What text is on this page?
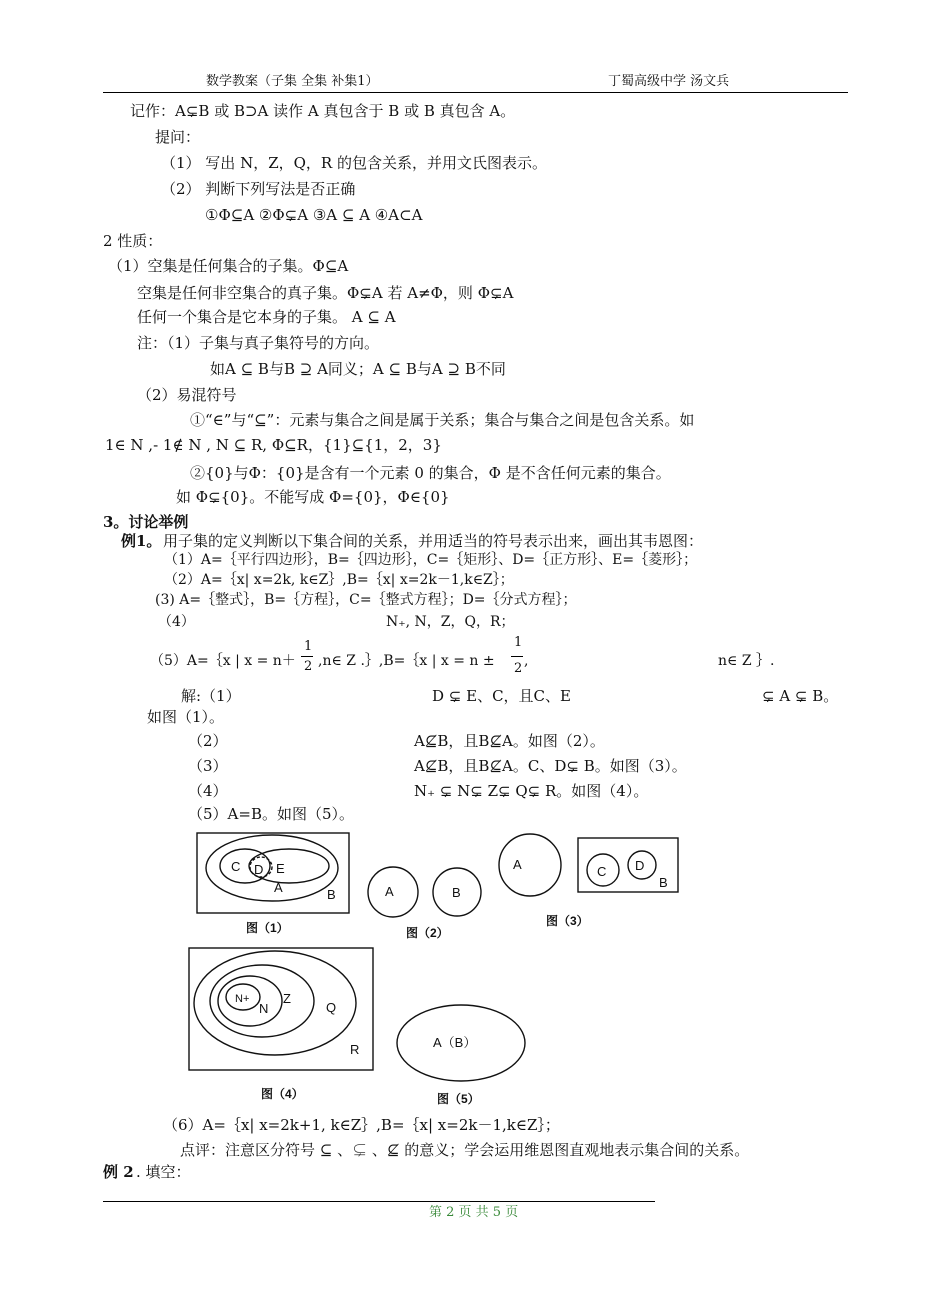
数学教案（子集 全集 补集1）	丁蜀高级中学 汤文兵
记作：A⊊B 或 B⊃A 读作 A 真包含于 B 或 B 真包含 A。
提问：
（1） 写出 N，Z，Q，R 的包含关系，并用文氏图表示。
（2） 判断下列写法是否正确
①Φ⊆A ②Φ⊊A ③A ⊆ A ④A⊂A
2 性质：
（1）空集是任何集合的子集。Φ⊆A
空集是任何非空集合的真子集。Φ⊊A 若 A≠Φ，则 Φ⊊A
任何一个集合是它本身的子集。 A ⊆ A
注：（1）子集与真子集符号的方向。
如A ⊆ B与B ⊇ A同义；A ⊆ B与A ⊇ B不同
（2）易混符号
①“∈”与“⊆”：元素与集合之间是属于关系；集合与集合之间是包含关系。如
1∈ N ,- 1∉ N , N ⊆ R, Φ⊆R，{1}⊆{1，2，3}
②{0}与Φ：{0}是含有一个元素 0 的集合，Φ 是不含任何元素的集合。
如 Φ⊊{0}。不能写成 Φ={0}，Φ∈{0}
3。讨论举例
例1。 用子集的定义判断以下集合间的关系，并用适当的符号表示出来，画出其韦恩图：
（1）A=｛平行四边形｝，B=｛四边形｝，C=｛矩形｝、D=｛正方形｝、E=｛菱形｝；
（2）A=｛x| x=2k, k∈Z｝,B=｛x| x=2k－1,k∈Z｝；
(3) A=｛整式｝，B=｛方程｝，C=｛整式方程｝；D=｛分式方程｝；
（4）	N₊, N，Z，Q，R；
（5）A=｛x | x = n＋
1
2 ,n∈ Z .｝,B=｛x | x = n ±
1
2 ,	n∈ Z ｝.
解:（1）	D ⊊ E、C，且C、E	⊊ A ⊊ B。
如图（1）。
（2）	A⊈B，且B⊈A。如图（2）。
（3）	A⊈B，且B⊈A。C、D⊊ B。如图（3）。
（4）	N₊ ⊊ N⊊ Z⊊ Q⊊ R。如图（4）。
（5）A=B。如图（5）。
C D E
A	B	A	B
A	C D
B
N+
N
Z
Q
R	A（B）
图（1）	图（2）
图（3）
图（4）	图（5）
（6）A=｛x| x=2k+1, k∈Z｝,B=｛x| x=2k－1,k∈Z｝；
点评：注意区分符号 ⊆ 、⊊ 、⊈ 的意义；学会运用维恩图直观地表示集合间的关系。
例 2 . 填空：
第 2 页 共 5 页
